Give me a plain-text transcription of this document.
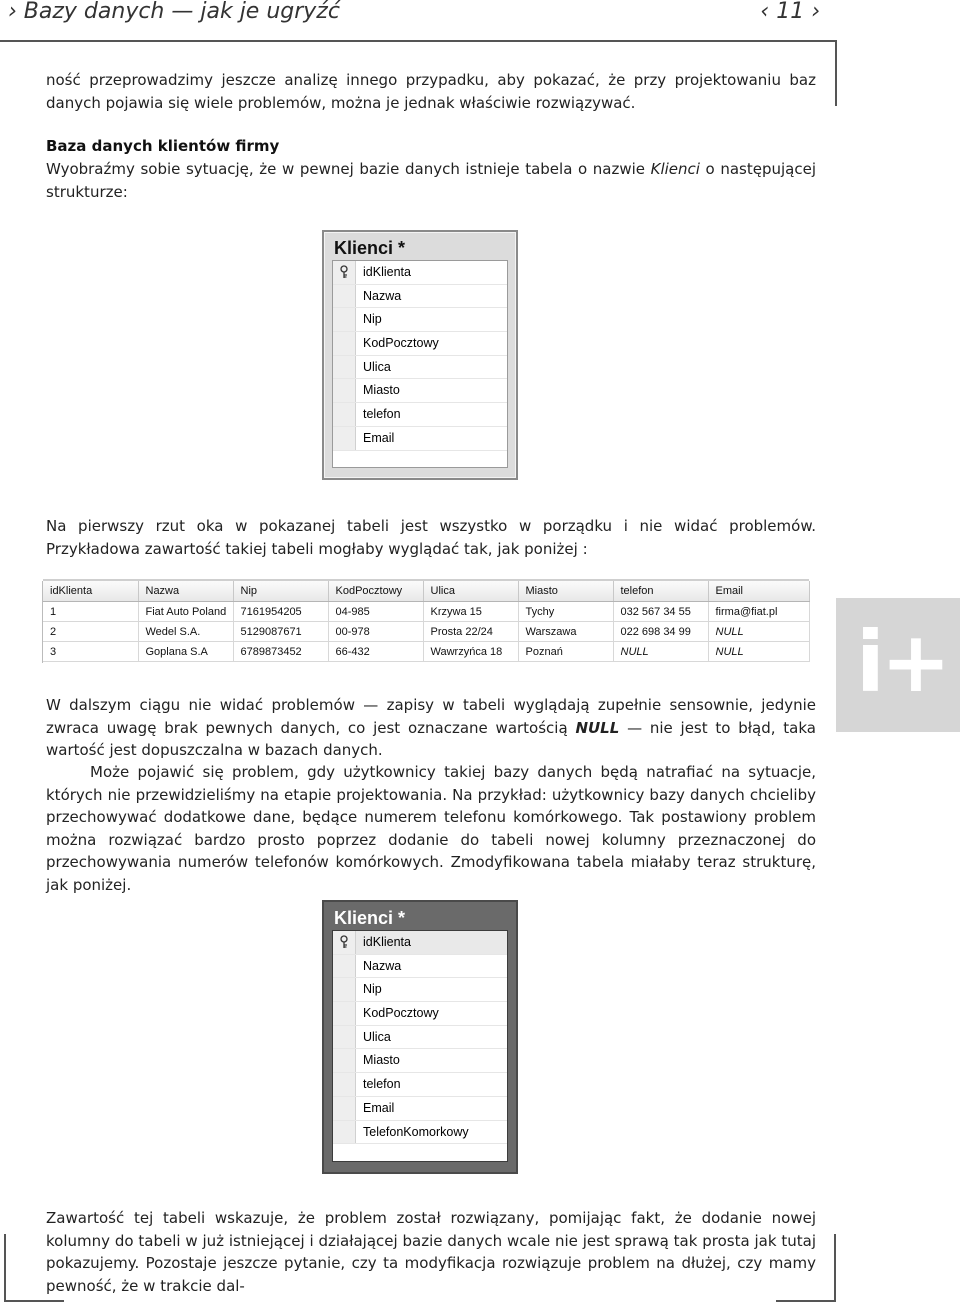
› Bazy danych — jak je ugryźć	‹ 11 ›
ność przeprowadzimy jeszcze analizę innego przypadku, aby pokazać, że przy projektowaniu baz danych pojawia się wiele problemów, można je jednak właściwie rozwiązywać.
Baza danych klientów firmy
Wyobraźmy sobie sytuację, że w pewnej bazie danych istnieje tabela o nazwie Klienci o następującej strukturze:
Klienci *
idKlienta
Nazwa
Nip
KodPocztowy
Ulica
Miasto
telefon
Email
Na pierwszy rzut oka w pokazanej tabeli jest wszystko w porządku i nie widać problemów. Przykładowa zawartość takiej tabeli mogłaby wyglądać tak, jak poniżej :
idKlienta	Nazwa	Nip	KodPocztowy	Ulica	Miasto	telefon	Email
1	Fiat Auto Poland	7161954205	04-985	Krzywa 15	Tychy	032 567 34 55	firma@fiat.pl
2	Wedel S.A.	5129087671	00-978	Prosta 22/24	Warszawa	022 698 34 99	NULL
3	Goplana S.A	6789873452	66-432	Wawrzyńca 18	Poznań	NULL	NULL i+
W dalszym ciągu nie widać problemów — zapisy w tabeli wyglądają zupełnie sensownie, jedynie zwraca uwagę brak pewnych danych, co jest oznaczane wartością NULL — nie jest to błąd, taka wartość jest dopuszczalna w bazach danych.
Może pojawić się problem, gdy użytkownicy takiej bazy danych będą natrafiać na sytuacje, których nie przewidzieliśmy na etapie projektowania. Na przykład: użytkownicy bazy danych chcieliby przechowywać dodatkowe dane, będące numerem telefonu komórkowego. Tak postawiony problem można rozwiązać bardzo prosto poprzez dodanie do tabeli nowej kolumny przeznaczonej do przechowywania numerów telefonów komórkowych. Zmodyfikowana tabela miałaby teraz strukturę, jak poniżej.
Klienci *
idKlienta
Nazwa
Nip
KodPocztowy
Ulica
Miasto
telefon
Email
TelefonKomorkowy
Zawartość tej tabeli wskazuje, że problem został rozwiązany, pomijając fakt, że dodanie nowej kolumny do tabeli w już istniejącej i działającej bazie danych wcale nie jest sprawą tak prosta jak tutaj pokazujemy. Pozostaje jeszcze pytanie, czy ta modyfikacja rozwiązuje problem na dłużej, czy mamy pewność, że w trakcie dal-
